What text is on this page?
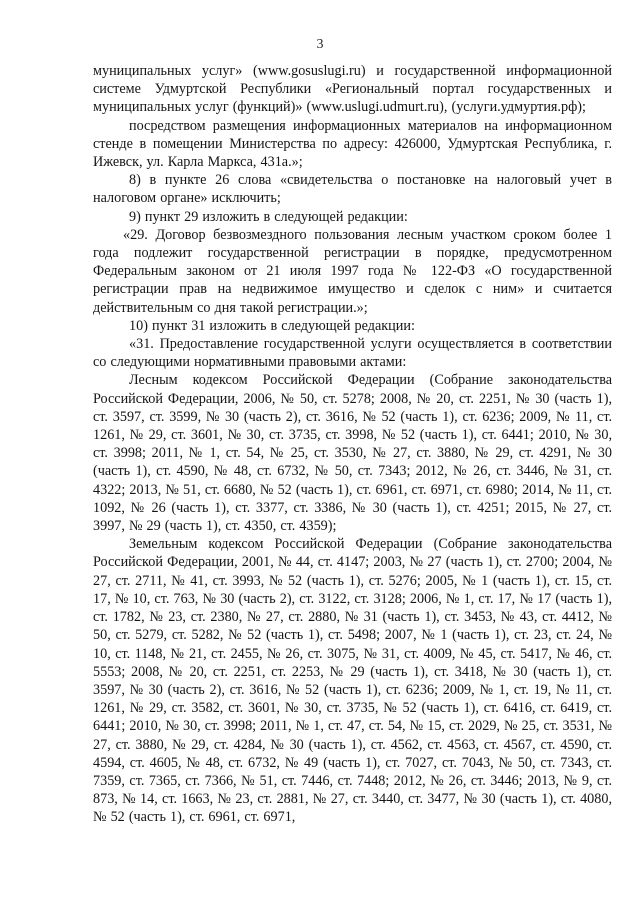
3

муниципальных услуг» (www.gosuslugi.ru) и государственной информационной системе Удмуртской Республики «Региональный портал государственных и муниципальных услуг (функций)» (www.uslugi.udmurt.ru), (услуги.удмуртия.рф);

посредством размещения информационных материалов на информационном стенде в помещении Министерства по адресу: 426000, Удмуртская Республика, г. Ижевск, ул. Карла Маркса, 431а.»;

8) в пункте 26 слова «свидетельства о постановке на налоговый учет в налоговом органе» исключить;

9) пункт 29 изложить в следующей редакции:

«29. Договор безвозмездного пользования лесным участком сроком более 1 года подлежит государственной регистрации в порядке, предусмотренном Федеральным законом от 21 июля 1997 года № 122-ФЗ «О государственной регистрации прав на недвижимое имущество и сделок с ним» и считается действительным со дня такой регистрации.»;

10) пункт 31 изложить в следующей редакции:

«31. Предоставление государственной услуги осуществляется в соответствии со следующими нормативными правовыми актами:

Лесным кодексом Российской Федерации (Собрание законодательства Российской Федерации, 2006, № 50, ст. 5278; 2008, № 20, ст. 2251, № 30 (часть 1), ст. 3597, ст. 3599, № 30 (часть 2), ст. 3616, № 52 (часть 1), ст. 6236; 2009, № 11, ст. 1261, № 29, ст. 3601, № 30, ст. 3735, ст. 3998, № 52 (часть 1), ст. 6441; 2010, № 30, ст. 3998; 2011, № 1, ст. 54, № 25, ст. 3530, № 27, ст. 3880, № 29, ст. 4291, № 30 (часть 1), ст. 4590, № 48, ст. 6732, № 50, ст. 7343; 2012, № 26, ст. 3446, № 31, ст. 4322; 2013, № 51, ст. 6680, № 52 (часть 1), ст. 6961, ст. 6971, ст. 6980; 2014, № 11, ст. 1092, № 26 (часть 1), ст. 3377, ст. 3386, № 30 (часть 1), ст. 4251; 2015, № 27, ст. 3997, № 29 (часть 1), ст. 4350, ст. 4359);

Земельным кодексом Российской Федерации (Собрание законодательства Российской Федерации, 2001, № 44, ст. 4147; 2003, № 27 (часть 1), ст. 2700; 2004, № 27, ст. 2711, № 41, ст. 3993, № 52 (часть 1), ст. 5276; 2005, № 1 (часть 1), ст. 15, ст. 17, № 10, ст. 763, № 30 (часть 2), ст. 3122, ст. 3128; 2006, № 1, ст. 17, № 17 (часть 1), ст. 1782, № 23, ст. 2380, № 27, ст. 2880, № 31 (часть 1), ст. 3453, № 43, ст. 4412, № 50, ст. 5279, ст. 5282, № 52 (часть 1), ст. 5498; 2007, № 1 (часть 1), ст. 23, ст. 24, № 10, ст. 1148, № 21, ст. 2455, № 26, ст. 3075, № 31, ст. 4009, № 45, ст. 5417, № 46, ст. 5553; 2008, № 20, ст. 2251, ст. 2253, № 29 (часть 1), ст. 3418, № 30 (часть 1), ст. 3597, № 30 (часть 2), ст. 3616, № 52 (часть 1), ст. 6236; 2009, № 1, ст. 19, № 11, ст. 1261, № 29, ст. 3582, ст. 3601, № 30, ст. 3735, № 52 (часть 1), ст. 6416, ст. 6419, ст. 6441; 2010, № 30, ст. 3998; 2011, № 1, ст. 47, ст. 54, № 15, ст. 2029, № 25, ст. 3531, № 27, ст. 3880, № 29, ст. 4284, № 30 (часть 1), ст. 4562, ст. 4563, ст. 4567, ст. 4590, ст. 4594, ст. 4605, № 48, ст. 6732, № 49 (часть 1), ст. 7027, ст. 7043, № 50, ст. 7343, ст. 7359, ст. 7365, ст. 7366, № 51, ст. 7446, ст. 7448; 2012, № 26, ст. 3446; 2013, № 9, ст. 873, № 14, ст. 1663, № 23, ст. 2881, № 27, ст. 3440, ст. 3477, № 30 (часть 1), ст. 4080, № 52 (часть 1), ст. 6961, ст. 6971,
